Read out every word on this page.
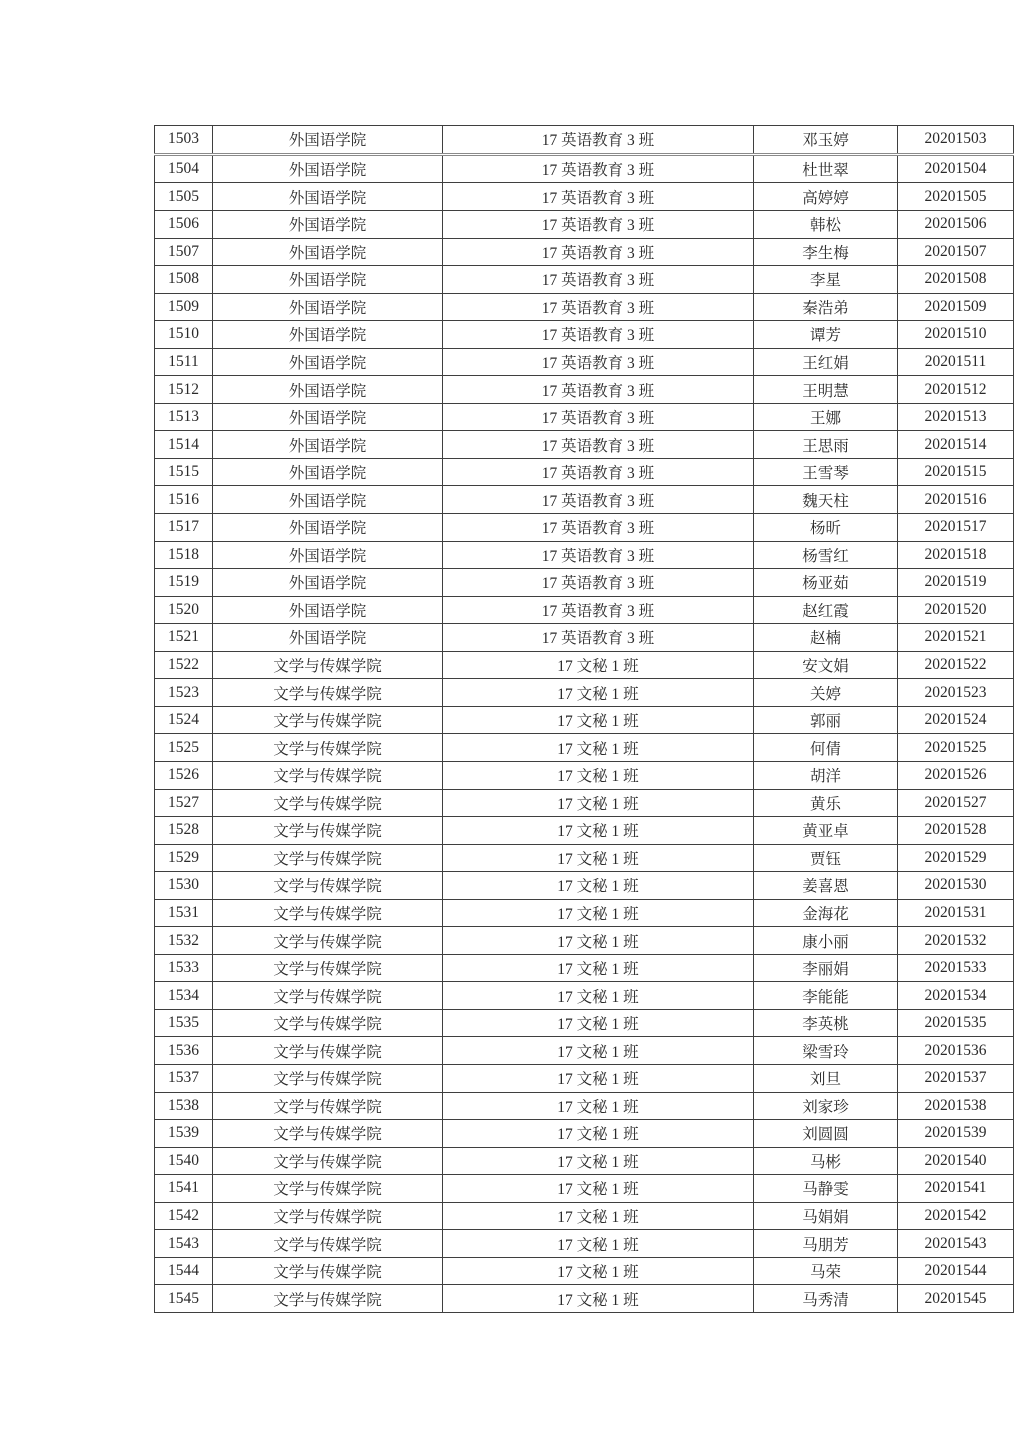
1503	外国语学院	17 英语教育 3 班	邓玉婷	20201503
1504	外国语学院	17 英语教育 3 班	杜世翠	20201504
1505	外国语学院	17 英语教育 3 班	高婷婷	20201505
1506	外国语学院	17 英语教育 3 班	韩松	20201506
1507	外国语学院	17 英语教育 3 班	李生梅	20201507
1508	外国语学院	17 英语教育 3 班	李星	20201508
1509	外国语学院	17 英语教育 3 班	秦浩弟	20201509
1510	外国语学院	17 英语教育 3 班	谭芳	20201510
1511	外国语学院	17 英语教育 3 班	王红娟	20201511
1512	外国语学院	17 英语教育 3 班	王明慧	20201512
1513	外国语学院	17 英语教育 3 班	王娜	20201513
1514	外国语学院	17 英语教育 3 班	王思雨	20201514
1515	外国语学院	17 英语教育 3 班	王雪琴	20201515
1516	外国语学院	17 英语教育 3 班	魏天柱	20201516
1517	外国语学院	17 英语教育 3 班	杨昕	20201517
1518	外国语学院	17 英语教育 3 班	杨雪红	20201518
1519	外国语学院	17 英语教育 3 班	杨亚茹	20201519
1520	外国语学院	17 英语教育 3 班	赵红霞	20201520
1521	外国语学院	17 英语教育 3 班	赵楠	20201521
1522	文学与传媒学院	17 文秘 1 班	安文娟	20201522
1523	文学与传媒学院	17 文秘 1 班	关婷	20201523
1524	文学与传媒学院	17 文秘 1 班	郭丽	20201524
1525	文学与传媒学院	17 文秘 1 班	何倩	20201525
1526	文学与传媒学院	17 文秘 1 班	胡洋	20201526
1527	文学与传媒学院	17 文秘 1 班	黄乐	20201527
1528	文学与传媒学院	17 文秘 1 班	黄亚卓	20201528
1529	文学与传媒学院	17 文秘 1 班	贾钰	20201529
1530	文学与传媒学院	17 文秘 1 班	姜喜恩	20201530
1531	文学与传媒学院	17 文秘 1 班	金海花	20201531
1532	文学与传媒学院	17 文秘 1 班	康小丽	20201532
1533	文学与传媒学院	17 文秘 1 班	李丽娟	20201533
1534	文学与传媒学院	17 文秘 1 班	李能能	20201534
1535	文学与传媒学院	17 文秘 1 班	李英桃	20201535
1536	文学与传媒学院	17 文秘 1 班	梁雪玲	20201536
1537	文学与传媒学院	17 文秘 1 班	刘旦	20201537
1538	文学与传媒学院	17 文秘 1 班	刘家珍	20201538
1539	文学与传媒学院	17 文秘 1 班	刘圆圆	20201539
1540	文学与传媒学院	17 文秘 1 班	马彬	20201540
1541	文学与传媒学院	17 文秘 1 班	马静雯	20201541
1542	文学与传媒学院	17 文秘 1 班	马娟娟	20201542
1543	文学与传媒学院	17 文秘 1 班	马朋芳	20201543
1544	文学与传媒学院	17 文秘 1 班	马荣	20201544
1545	文学与传媒学院	17 文秘 1 班	马秀清	20201545
